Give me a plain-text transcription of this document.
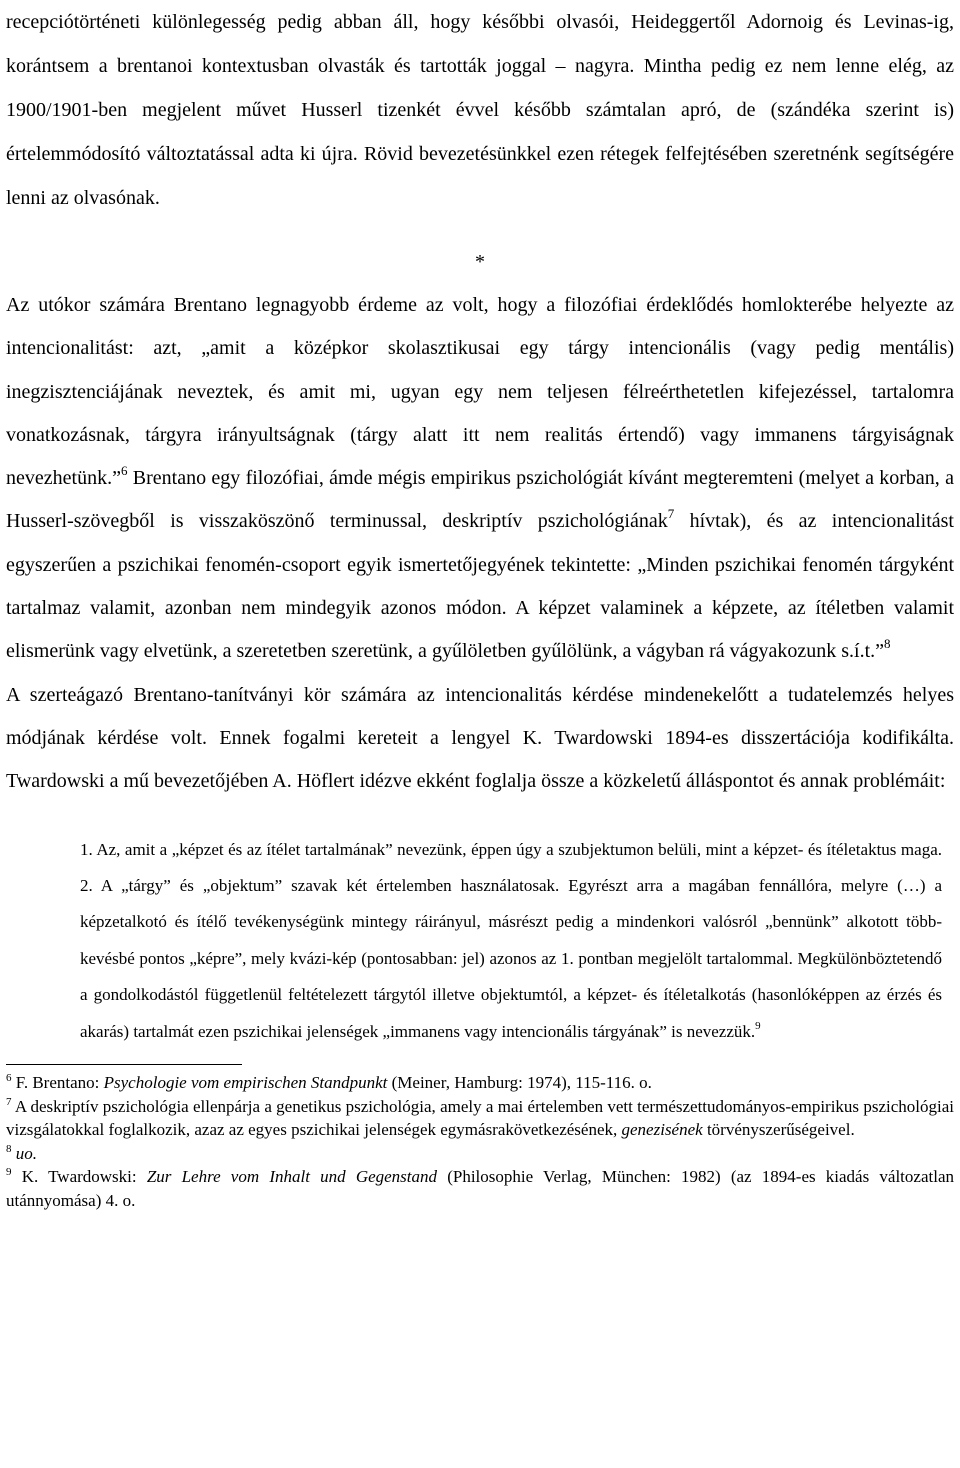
recepciótörténeti különlegesség pedig abban áll, hogy későbbi olvasói, Heideggertől Adornoig és Levinas-ig, korántsem a brentanoi kontextusban olvasták és tartották joggal – nagyra. Mintha pedig ez nem lenne elég, az 1900/1901-ben megjelent művet Husserl tizenkét évvel később számtalan apró, de (szándéka szerint is) értelemmódosító változtatással adta ki újra. Rövid bevezetésünkkel ezen rétegek felfejtésében szeretnénk segítségére lenni az olvasónak.

*

Az utókor számára Brentano legnagyobb érdeme az volt, hogy a filozófiai érdeklődés homlokterébe helyezte az intencionalitást: azt, „amit a középkor skolasztikusai egy tárgy intencionális (vagy pedig mentális) inegzisztenciájának neveztek, és amit mi, ugyan egy nem teljesen félreérthetetlen kifejezéssel, tartalomra vonatkozásnak, tárgyra irányultságnak (tárgy alatt itt nem realitás értendő) vagy immanens tárgyiságnak nevezhetünk.”$^6$ Brentano egy filozófiai, ámde mégis empirikus pszichológiát kívánt megteremteni (melyet a korban, a Husserl-szövegből is visszaköszönő terminussal, deskriptív pszichológiának$^7$ hívtak), és az intencionalitást egyszerűen a pszichikai fenomén-csoport egyik ismertetőjegyének tekintette: „Minden pszichikai fenomén tárgyként tartalmaz valamit, azonban nem mindegyik azonos módon. A képzet valaminek a képzete, az ítéletben valamit elismerünk vagy elvetünk, a szeretetben szeretünk, a gyűlöletben gyűlölünk, a vágyban rá vágyakozunk s.í.t.”$^8$
A szerteágazó Brentano-tanítványi kör számára az intencionalitás kérdése mindenekelőtt a tudatelemzés helyes módjának kérdése volt. Ennek fogalmi kereteit a lengyel K. Twardowski 1894-es disszertációja kodifikálta. Twardowski a mű bevezetőjében A. Höflert idézve ekként foglalja össze a közkeletű álláspontot és annak problémáit:

1. Az, amit a „képzet és az ítélet tartalmának” nevezünk, éppen úgy a szubjektumon belüli, mint a képzet- és ítéletaktus maga. 2. A „tárgy” és „objektum” szavak két értelemben használatosak. Egyrészt arra a magában fennállóra, melyre (…) a képzetalkotó és ítélő tevékenységünk mintegy ráirányul, másrészt pedig a mindenkori valósról „bennünk” alkotott több-kevésbé pontos „képre”, mely kvázi-kép (pontosabban: jel) azonos az 1. pontban megjelölt tartalommal. Megkülönböztetendő a gondolkodástól függetlenül feltételezett tárgytól illetve objektumtól, a képzet- és ítéletalkotás (hasonlóképpen az érzés és akarás) tartalmát ezen pszichikai jelenségek „immanens vagy intencionális tárgyának” is nevezzük.$^9$

$^6$ F. Brentano: Psychologie vom empirischen Standpunkt (Meiner, Hamburg: 1974), 115-116. o.

$^7$ A deskriptív pszichológia ellenpárja a genetikus pszichológia, amely a mai értelemben vett természettudományos-empirikus pszichológiai vizsgálatokkal foglalkozik, azaz az egyes pszichikai jelenségek egymásrakövetkezésének, genezisének törvényszerűségeivel.

$^8$ uo.

$^9$ K. Twardowski: Zur Lehre vom Inhalt und Gegenstand (Philosophie Verlag, München: 1982) (az 1894-es kiadás változatlan utánnyomása) 4. o.
